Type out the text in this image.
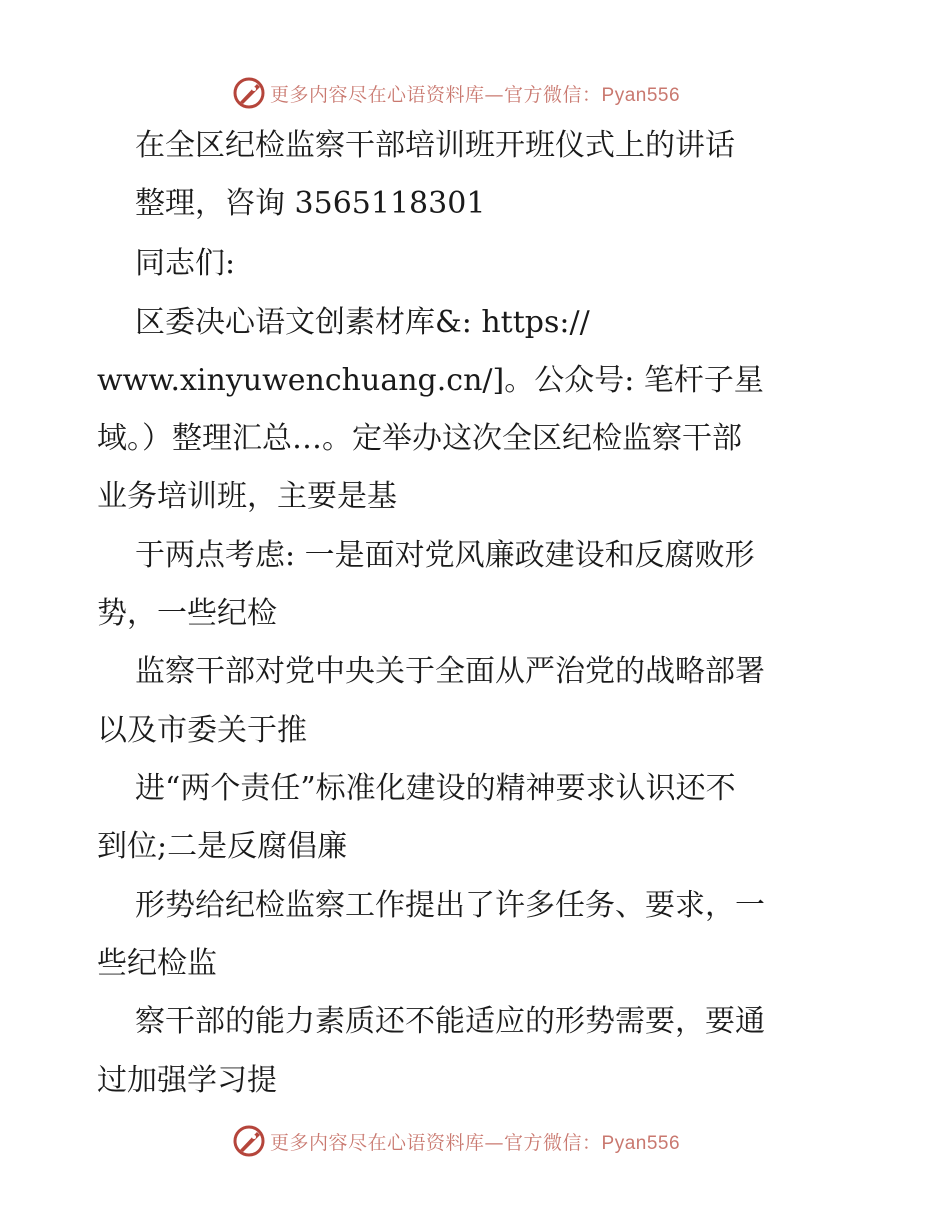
更多内容尽在心语资料库—官方微信：Pyan556
在全区纪检监察干部培训班开班仪式上的讲话
整理，咨询 3565118301
同志们:
区委决心语文创素材库&: https://
www.xinyuwenchuang.cn/]。公众号: 笔杆子星
域。）整理汇总…。定举办这次全区纪检监察干部
业务培训班，主要是基
于两点考虑: 一是面对党风廉政建设和反腐败形
势，一些纪检
监察干部对党中央关于全面从严治党的战略部署
以及市委关于推
进“两个责任”标准化建设的精神要求认识还不
到位;二是反腐倡廉
形势给纪检监察工作提出了许多任务、要求，一
些纪检监
察干部的能力素质还不能适应的形势需要，要通
过加强学习提
更多内容尽在心语资料库—官方微信：Pyan556
